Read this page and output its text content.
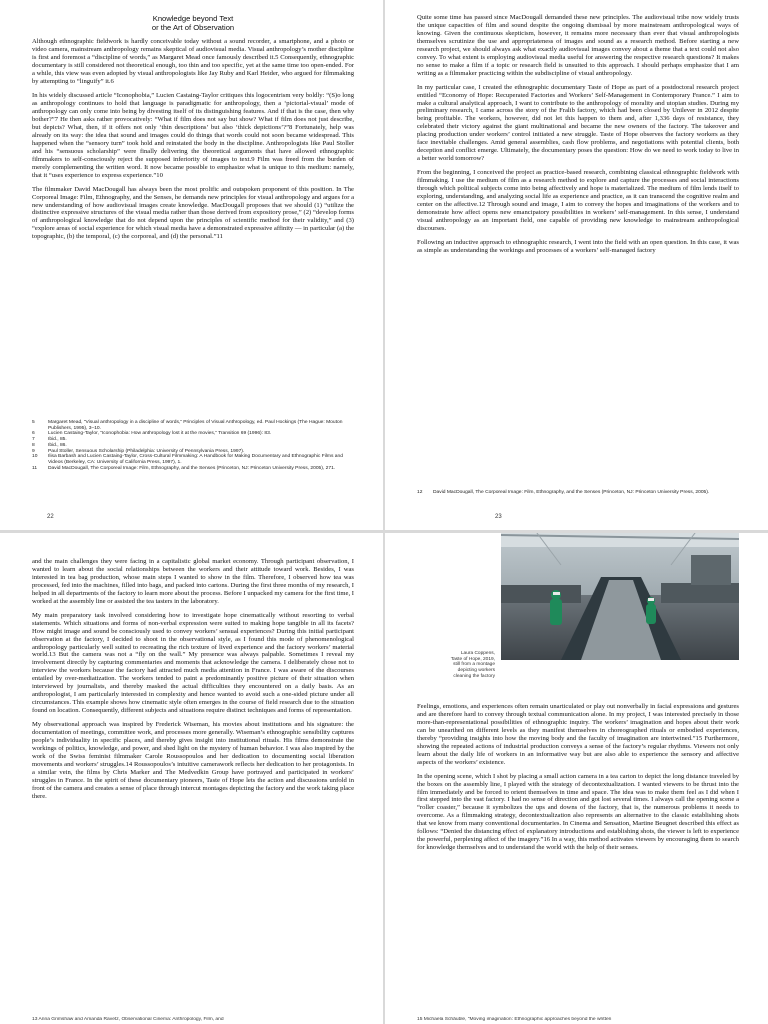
Knowledge beyond Text
or the Art of Observation

Although ethnographic fieldwork is hardly conceivable today without a sound recorder, a smartphone, and a photo or video camera, mainstream anthropology remains skeptical of audiovisual media. Visual anthropology’s mother discipline is first and foremost a “discipline of words,” as Margaret Mead once famously described it.5 Consequently, ethnographic documentary is still considered not theoretical enough, too thin and too specific, yet at the same time too open-ended. For a while, this view was even adopted by visual anthropologists like Jay Ruby and Karl Heider, who argued for filmmaking by attempting to “linguify” it.6

In his widely discussed article “Iconophobia,” Lucien Castaing-Taylor critiques this logocentrism very boldly: “(S)o long as anthropology continues to hold that language is paradigmatic for anthropology, then a ‘pictorial-visual’ mode of anthropology can only come into being by divesting itself of its distinguishing features. And if that is the case, then why bother?”7 He then asks rather provocatively: “What if film does not say but show? What if film does not just describe, but depicts? What, then, if it offers not only ‘thin descriptions’ but also ‘thick depictions’?”8 Fortunately, help was already on its way: the idea that sound and images could do things that words could not soon became widespread. This happened when the “sensory turn” took hold and reinstated the body in the discipline. Anthropologists like Paul Stoller and his “sensuous scholarship” were finally delivering the theoretical arguments that have allowed ethnographic filmmakers to self-consciously reject the supposed inferiority of images to text.9 Film was freed from the burden of merely complementing the written word. It now became possible to emphasize what is unique to this medium: namely, that it “uses experience to express experience.”10

The filmmaker David MacDougall has always been the most prolific and outspoken proponent of this position. In The Corporeal Image: Film, Ethnography, and the Senses, he demands new principles for visual anthropology and argues for a new understanding of how audiovisual images create knowledge. MacDougall proposes that we should (1) “utilize the distinctive expressive structures of the visual media rather than those derived from expository prose,” (2) “develop forms of anthropological knowledge that do not depend upon the principles of scientific method for their validity,” and (3) “explore areas of social experience for which visual media have a demonstrated expressive affinity — in particular (a) the topographic, (b) the temporal, (c) the corporeal, and (d) the personal.”11

5	Margaret Mead, “Visual anthropology in a discipline of words,” Principles of Visual Anthropology, ed. Paul Hockings (The Hague: Mouton Publishers, 1995), 3–10.
6	Lucien Castaing-Taylor, “Iconophobia: How anthropology lost it at the movies,” Transition 69 (1996): 83.
7	Ibid., 85.
8	Ibid., 86.
9	Paul Stoller, Sensuous Scholarship (Philadelphia: University of Pennsylvania Press, 1997).
10	Ilisa Barbash and Lucien Castaing-Taylor, Cross-Cultural Filmmaking: A Handbook for Making Documentary and Ethnographic Films and Videos (Berkeley, CA: University of California Press, 1997), 1.
11	David MacDougall, The Corporeal Image: Film, Ethnography, and the Senses (Princeton, NJ: Princeton University Press, 2005), 271.
22

Quite some time has passed since MacDougall demanded these new principles. The audiovisual tribe now widely trusts the unique capacities of film and sound despite the ongoing dismissal by more mainstream anthropological ways of knowing. Given the continuous skepticism, however, it remains more necessary than ever that visual anthropologists themselves scrutinize the use and appropriateness of images and sound as a research method. Before starting a new research project, we should always ask what exactly audiovisual images convey about a theme that a text could not also convey. To what extent is employing audiovisual media useful for answering the respective research questions? It makes no sense to make a film if a topic or research field is unsuited to this approach. I should perhaps emphasize that I am writing as a filmmaker practicing within the subdiscipline of visual anthropology.

In my particular case, I created the ethnographic documentary Taste of Hope as part of a postdoctoral research project entitled “Economy of Hope: Recuperated Factories and Workers’ Self-Management in Contemporary France.” I aim to make a cultural analytical approach, I want to contribute to the anthropology of morality and utopian studies. During my preliminary research, I came across the story of the Fralib factory, which had been closed by Unilever in 2012 despite being profitable. The workers, however, did not let this happen to them and, after 1,336 days of resistance, they celebrated their victory against the giant multinational and became the new owners of the factory. The takeover and placing production under workers’ control initiated a new struggle. Taste of Hope observes the factory workers as they face inevitable challenges. Amid general assemblies, cash flow problems, and negotiations with potential clients, both deception and conflict emerge. Ultimately, the documentary poses the question: How do we need to work today to live in a better world tomorrow?

From the beginning, I conceived the project as practice-based research, combining classical ethnographic fieldwork with filmmaking. I use the medium of film as a research method to explore and capture the processes and social interactions through which political subjects come into being affectively and hope is materialized. The medium of film lends itself to exploring, understanding, and analyzing social life as experience and practice, as it can transcend the cognitive realm and center on the affective.12 Through sound and image, I aim to convey the hopes and imaginations of the workers and to demonstrate how affect opens new emancipatory possibilities in workers’ self-management. In this sense, I understand visual anthropology as an important field, one capable of providing new knowledge to mainstream anthropological discourses.

Following an inductive approach to ethnographic research, I went into the field with an open question. In this case, it was as simple as understanding the workings and processes of a workers’ self-managed factory

12	David MacDougall, The Corporeal Image: Film, Ethnography, and the Senses (Princeton, NJ: Princeton University Press, 2005).
23

and the main challenges they were facing in a capitalistic global market economy. Through participant observation, I wanted to learn about the social relationships between the workers and their attitude toward work. Besides, I was interested in tea bag production, whose main steps I wanted to show in the film. Therefore, I observed how tea was processed, fed into the machines, filled into bags, and packed into cartons. During the first three months of my research, I helped in all departments of the factory to learn more about the process. Before I unpacked my camera for the first time, I worked at the assembly line or assisted the tea tasters in the laboratory.

My main preparatory task involved considering how to investigate hope cinematically without resorting to verbal statements. Which situations and forms of non-verbal expression were suited to making hope tangible in all its facets? How might image and sound be consciously used to convey workers’ sensual experiences? During this initial participant observation at the factory, I decided to shoot in the observational style, as I found this mode of phenomenological anthropology particularly well suited to recreating the rich texture of lived experience and the factory workers’ material world.13 But the camera was not a “fly on the wall.” My presence was always palpable. Sometimes I reveal my involvement directly by capturing commentaries and moments that acknowledge the camera. I deliberately chose not to interview the workers because the factory had attracted much media attention in France. I was aware of the discourses entailed by over-mediatization. The workers tended to paint a predominantly positive picture of their situation when interviewed by journalists, and thereby masked the actual difficulties they encountered on a daily basis. As an anthropologist, I am particularly interested in complexity and hence wanted to avoid such a one-sided picture under all circumstances. This example shows how cinematic style often emerges in the course of field research due to the situation found on location. Consequently, different subjects and situations require distinct techniques and forms of representation.

My observational approach was inspired by Frederick Wiseman, his movies about institutions and his signature: the documentation of meetings, committee work, and processes more generally. Wiseman’s ethnographic sensibility captures people’s individuality in specific places, and thereby gives insight into institutional rituals. His films demonstrate the workings of politics, knowledge, and power, and shed light on the mystery of human behavior. I was also inspired by the work of the Swiss feminist filmmaker Carole Roussopoulos and her dedication to documenting social liberation movements and workers’ struggles.14 Roussopoulos’s intuitive camerawork reflects her dedication to her protagonists. In a similar vein, the films by Chris Marker and The Medvedkin Group have portrayed and participated in workers’ struggles in France. In the spirit of these documentary pioneers, Taste of Hope lets the action and discussions unfold in front of the camera and creates a sense of place through intercut montages depicting the factory and the work taking place there.

13 Anna Grimshaw and Amanda Ravetz, Observational Cinema: Anthropology, Film, and
Laura Coppens,
Taste of Hope, 2019,
still from a montage
depicting workers
cleaning the factory

Feelings, emotions, and experiences often remain unarticulated or play out nonverbally in facial expressions and gestures and are therefore hard to convey through textual communication alone. In my project, I was interested precisely in those more-than-representational possibilities of ethnographic inquiry. The workers’ imagination and hopes about their work can be unearthed on different levels as they manifest themselves in choreographed rituals or embodied experiences, thereby “providing insights into how the moving body and the faculty of imagination are intertwined.”15 Furthermore, showing the repeated actions of industrial production conveys a sense of the factory’s regular rhythms. Viewers not only learn about the daily life of workers in an informative way but are also able to experience the sensory and affective aspects of the workers’ existence.

In the opening scene, which I shot by placing a small action camera in a tea carton to depict the long distance traveled by the boxes on the assembly line, I played with the strategy of decontextualization. I wanted viewers to be thrust into the film immediately and be forced to orient themselves in time and space. The idea was to make them feel as I did when I first stepped into the vast factory. I had no sense of direction and got lost several times. I always call the opening scene a “roller coaster,” because it symbolizes the ups and downs of the factory, that is, the numerous problems it needs to overcome. As a filmmaking strategy, decontextualization also represents an alternative to the classic establishing shots that we know from many conventional documentaries. In Cinema and Sensation, Martine Beugnet described this effect as follows: “Denied the distancing effect of explanatory introductions and establishing shots, the viewer is left to experience the powerful, perplexing affect of the imagery.”16 In a way, this method activates viewers by encouraging them to search for knowledge themselves and to understand the world with the help of their senses.

15 Michaela Schäuble, “Moving imagination: Ethnographic approaches beyond the written
